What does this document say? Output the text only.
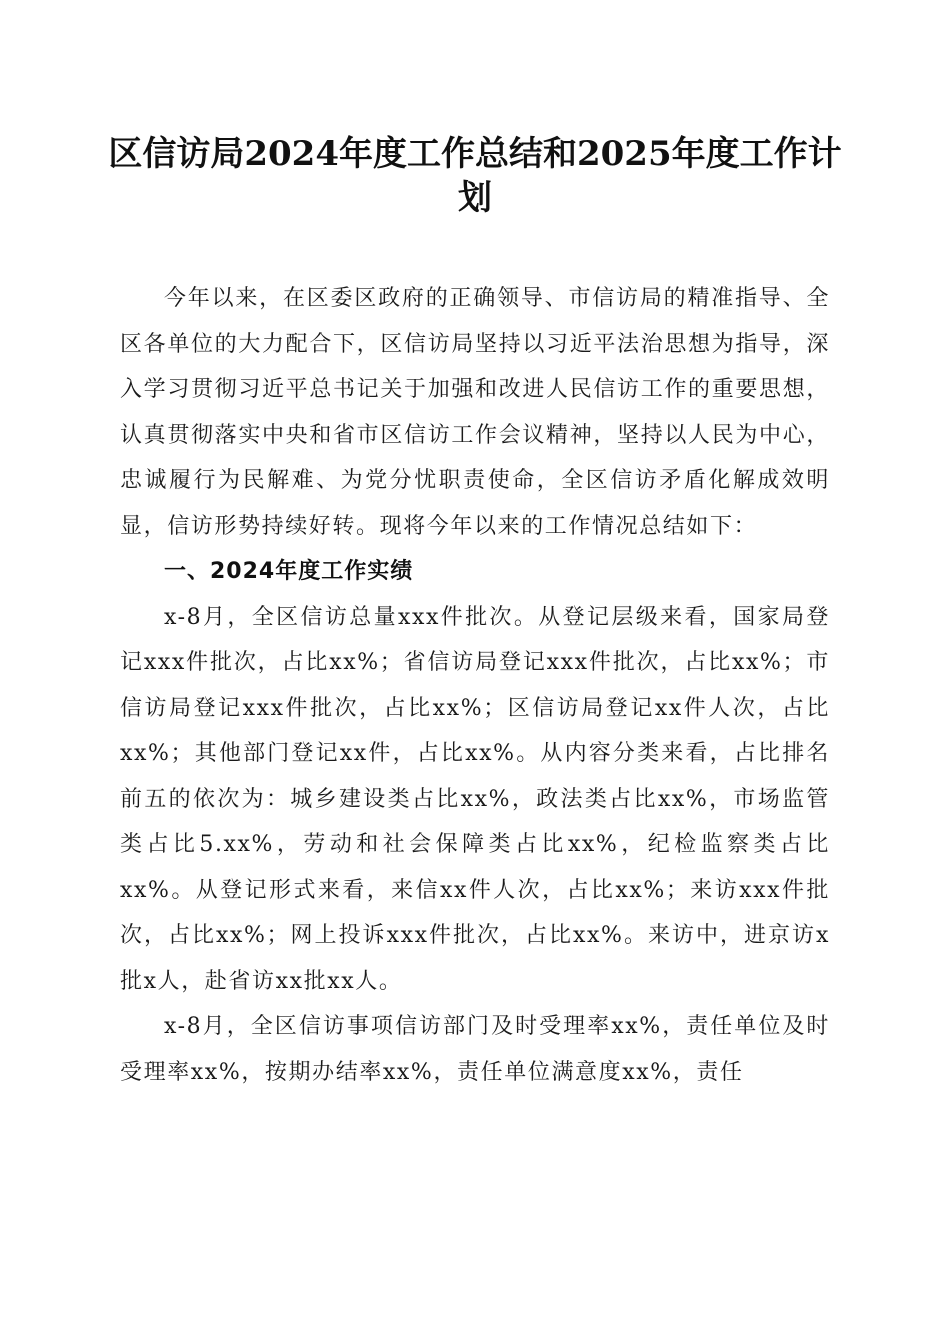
区信访局2024年度工作总结和2025年度工作计划

今年以来，在区委区政府的正确领导、市信访局的精准指导、全区各单位的大力配合下，区信访局坚持以习近平法治思想为指导，深入学习贯彻习近平总书记关于加强和改进人民信访工作的重要思想，认真贯彻落实中央和省市区信访工作会议精神，坚持以人民为中心，忠诚履行为民解难、为党分忧职责使命，全区信访矛盾化解成效明显，信访形势持续好转。现将今年以来的工作情况总结如下：

一、2024年度工作实绩

x-8月，全区信访总量xxx件批次。从登记层级来看，国家局登记xxx件批次，占比xx%；省信访局登记xxx件批次，占比xx%；市信访局登记xxx件批次，占比xx%；区信访局登记xx件人次，占比xx%；其他部门登记xx件，占比xx%。从内容分类来看，占比排名前五的依次为：城乡建设类占比xx%，政法类占比xx%，市场监管类占比5.xx%，劳动和社会保障类占比xx%，纪检监察类占比xx%。从登记形式来看，来信xx件人次，占比xx%；来访xxx件批次，占比xx%；网上投诉xxx件批次，占比xx%。来访中，进京访x批x人，赴省访xx批xx人。

x-8月，全区信访事项信访部门及时受理率xx%，责任单位及时受理率xx%，按期办结率xx%，责任单位满意度xx%，责任
